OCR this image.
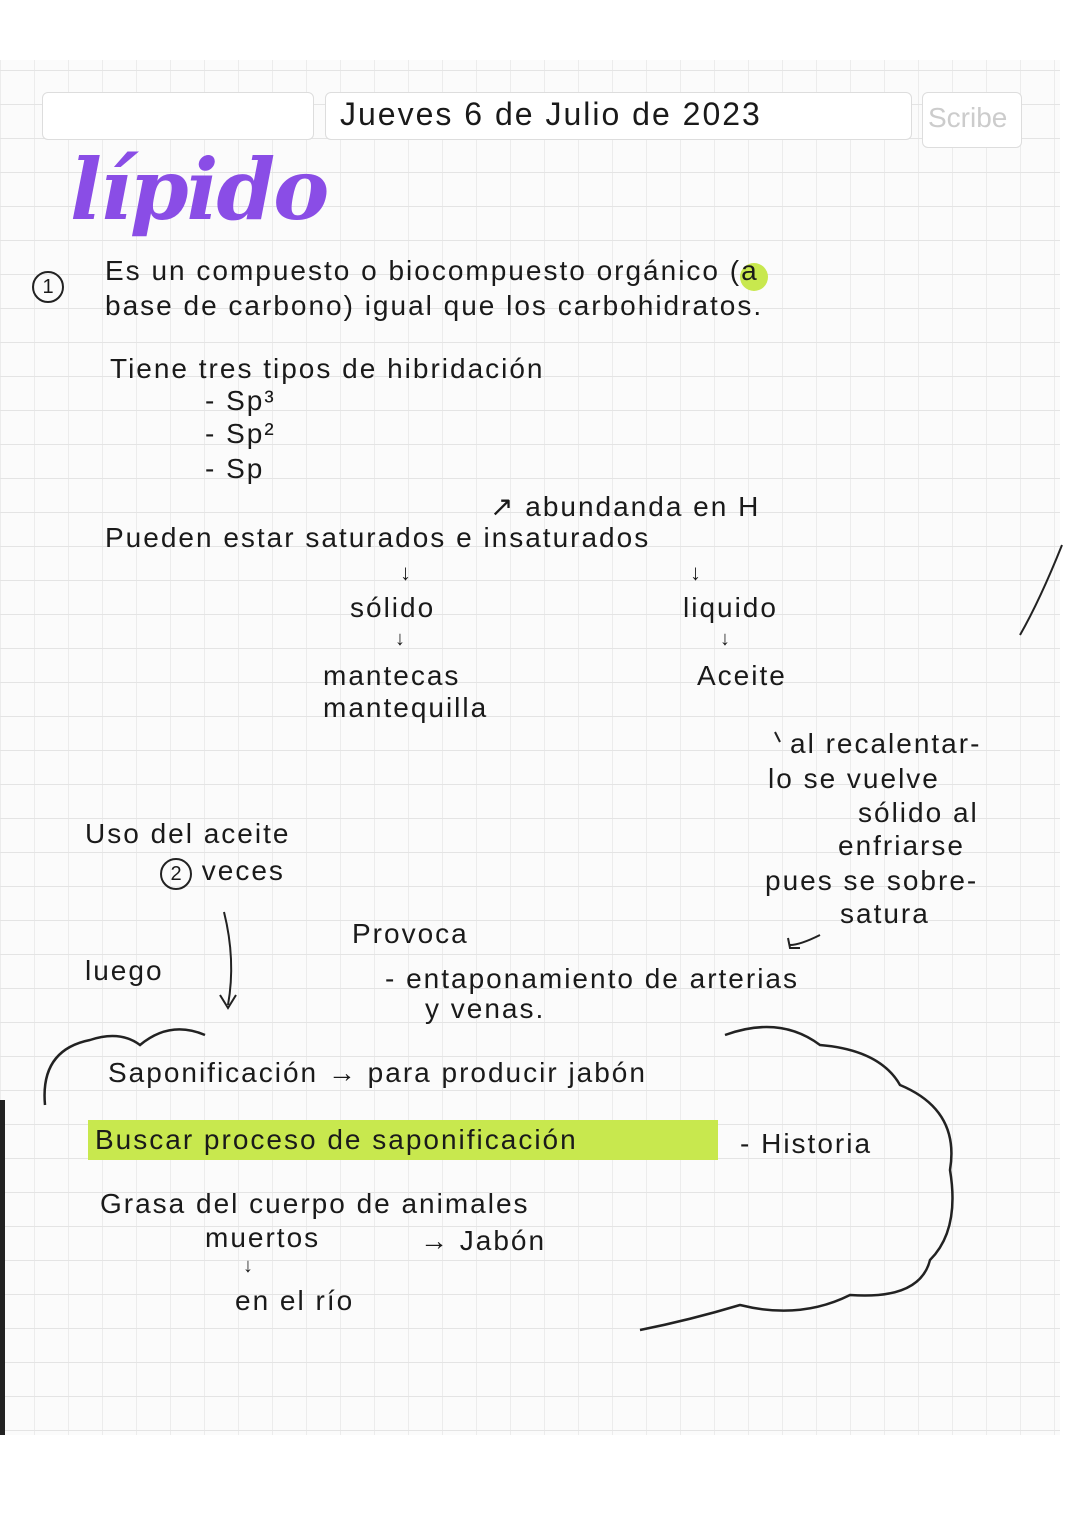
Jueves 6 de Julio de 2023	Scribe
lípido
1
Es un compuesto o biocompuesto orgánico (a
base de carbono) igual que los carbohidratos.
Tiene tres tipos de hibridación
- Sp³
- Sp²
- Sp
↗ abundanda en H
Pueden estar saturados e insaturados
↓	↓
sólido	liquido
↓	↓
mantecas
mantequilla
Aceite
al recalentar-
lo se vuelve
sólido al
enfriarse
pues se sobre-
satura
Uso del aceite
2 veces
luego
Provoca
- entaponamiento de arterias
y venas.
Saponificación → para producir jabón
Buscar proceso de saponificación	- Historia
Grasa del cuerpo de animales
muertos	→ Jabón
↓
en el río
